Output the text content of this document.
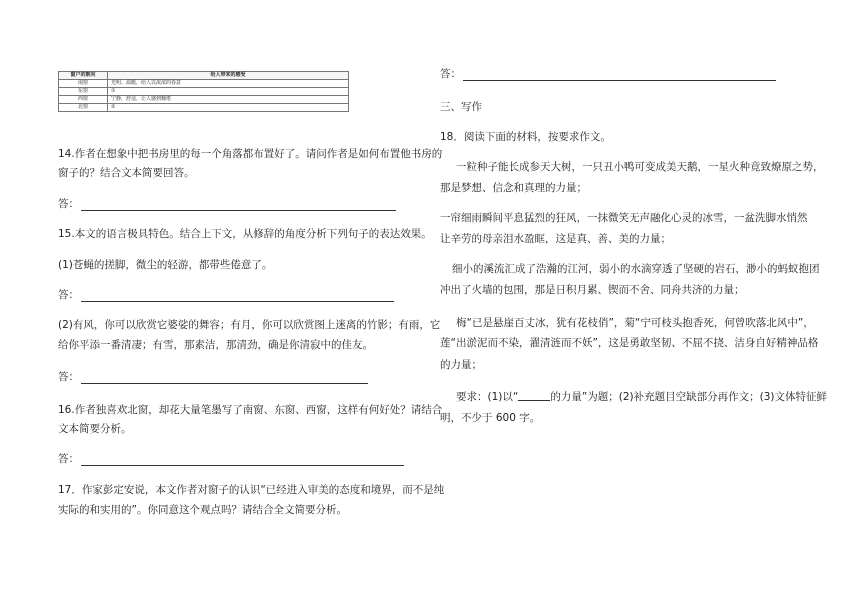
窗户的朝向	给人带来的感受
南窗	光明、温暖，给人以浓浓的春意
东窗	①
西窗	宁静，舒适，让人感到慵倦
北窗	②
14.作者在想象中把书房里的每一个角落都布置好了。请问作者是如何布置他书房的
窗子的？结合文本简要回答。
答：
15.本文的语言极具特色。结合上下文，从修辞的角度分析下列句子的表达效果。
(1)苍蝇的搓脚，微尘的轻游，都带些倦意了。
答：
(2)有风，你可以欣赏它婆娑的舞容；有月，你可以欣赏图上迷离的竹影；有雨，它
给你平添一番清凄；有雪，那素洁，那清劲，确是你清寂中的佳友。
答：
16.作者独喜欢北窗，却花大量笔墨写了南窗、东窗、西窗，这样有何好处？请结合
文本简要分析。
答：
17．作家彭定安说，本文作者对窗子的认识“已经进入审美的态度和境界，而不是纯
实际的和实用的”。你同意这个观点吗？请结合全文简要分析。
答：
三、写作
18．阅读下面的材料，按要求作文。
一粒种子能长成参天大树，一只丑小鸭可变成美天鹅，一星火种竟致燎原之势，
那是梦想、信念和真理的力量；
一帘细雨瞬间平息猛烈的狂风，一抹微笑无声融化心灵的冰雪，一盆洗脚水悄然
让辛劳的母亲泪水盈眶，这是真、善、美的力量；
细小的溪流汇成了浩瀚的江河，弱小的水滴穿透了坚硬的岩石，渺小的蚂蚁抱团
冲出了火墙的包围，那是日积月累、锲而不舍、同舟共济的力量；
梅“已是悬崖百丈冰，犹有花枝俏”，菊“宁可枝头抱香死，何曾吹落北风中”，
莲“出淤泥而不染，濯清涟而不妖”，这是勇敢坚韧、不屈不挠、洁身自好精神品格
的力量；
要求：(1)以“	的力量”为题；(2)补充题目空缺部分再作文；(3)文体特征鲜
明，不少于 600 字。
